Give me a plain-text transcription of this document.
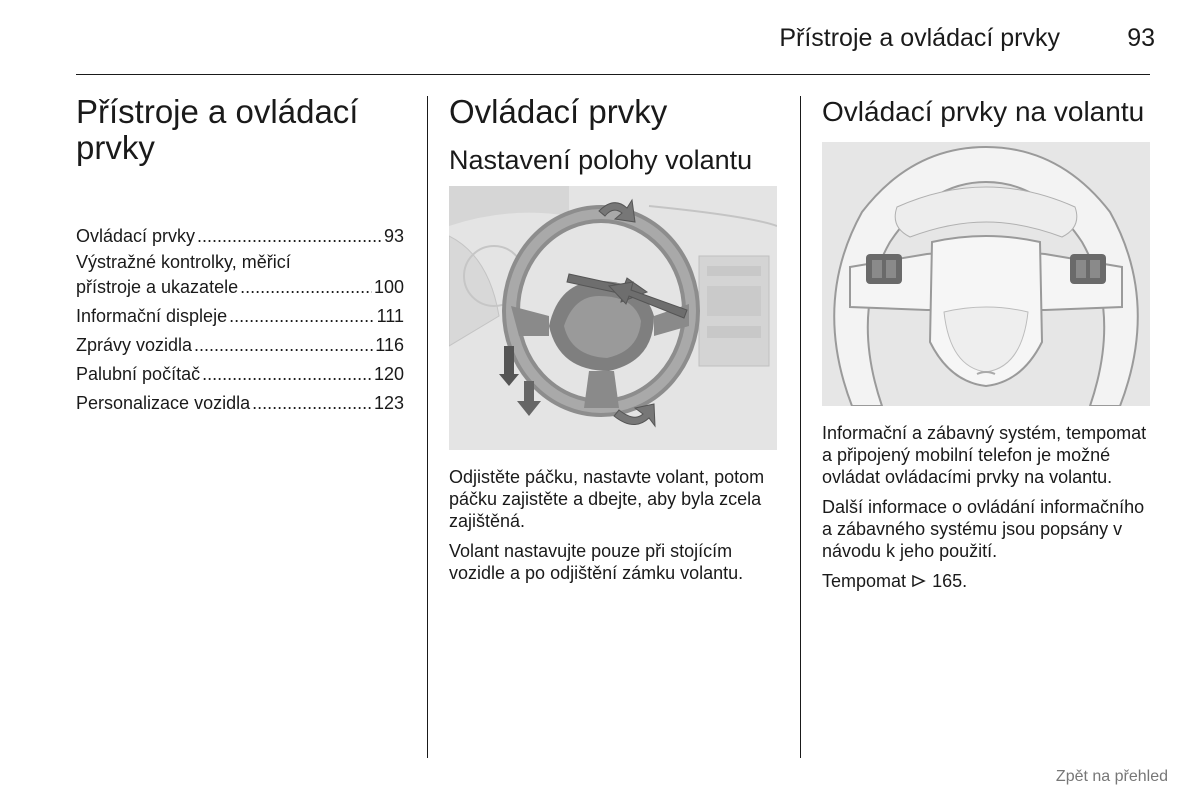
Přístroje a ovládací prvky	93
Přístroje a ovládací
prvky
Ovládací prvky .....	93
Výstražné kontrolky, měřicí
přístroje a ukazatele .....	100
Informační displeje .....	111
Zprávy vozidla .....	116
Palubní počítač .....	120
Personalizace vozidla .....	123
Ovládací prvky
Nastavení polohy volantu

Odjistěte páčku, nastavte volant, potom páčku zajistěte a dbejte, aby byla zcela zajištěná.

Volant nastavujte pouze při stojícím vozidle a po odjištění zámku volantu.

Ovládací prvky na volantu

Informační a zábavný systém, tempomat a připojený mobilní telefon je možné ovládat ovládacími prvky na volantu.

Další informace o ovládání informačního a zábavného systému jsou popsány v návodu k jeho použití.

Tempomat 165.

Zpět na přehled
